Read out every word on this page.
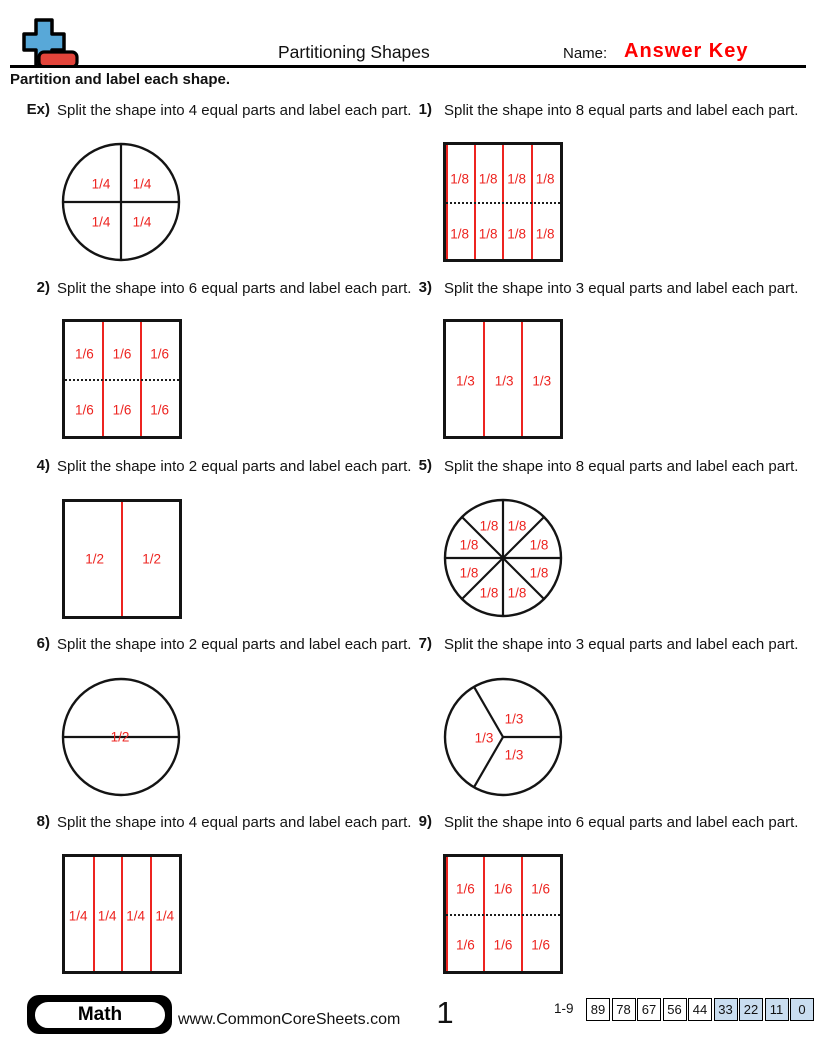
Partitioning Shapes	Name: Answer Key
Partition and label each shape.
Ex) Split the shape into 4 equal parts and label each part.
1/4 1/4
1/4 1/4
1) Split the shape into 8 equal parts and label each part.
1/8 1/8 1/8 1/8
1/8 1/8 1/8 1/8
2) Split the shape into 6 equal parts and label each part.
1/6 1/6 1/6
1/6 1/6 1/6
3) Split the shape into 3 equal parts and label each part.
1/3 1/3 1/3
4) Split the shape into 2 equal parts and label each part.
1/2	1/2
5) Split the shape into 8 equal parts and label each part.
1/8 1/8
1/8	1/8
1/8	1/8
1/8 1/8
6) Split the shape into 2 equal parts and label each part.
1/2
7) Split the shape into 3 equal parts and label each part.
1/3
1/3
1/3
8) Split the shape into 4 equal parts and label each part.
1/4 1/4 1/4 1/4
9) Split the shape into 6 equal parts and label each part.
1/6 1/6 1/6
1/6 1/6 1/6
Math	www.CommonCoreSheets.com	1	1-9	89 78 67 56 44 33 22 11	0
